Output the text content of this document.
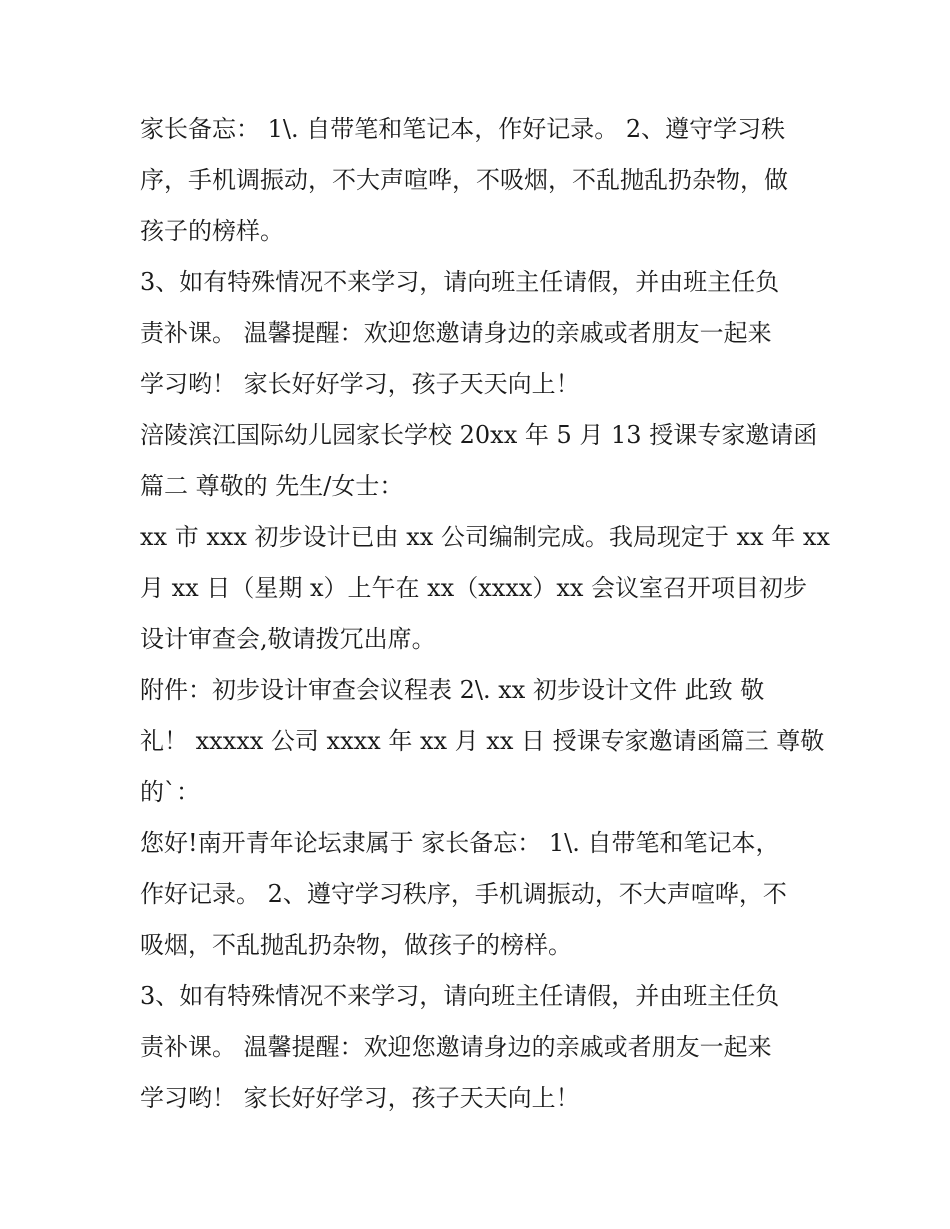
家长备忘： 1\. 自带笔和笔记本，作好记录。 2、遵守学习秩
序，手机调振动，不大声喧哗，不吸烟，不乱抛乱扔杂物，做
孩子的榜样。
3、如有特殊情况不来学习，请向班主任请假，并由班主任负
责补课。 温馨提醒：欢迎您邀请身边的亲戚或者朋友一起来
学习哟！ 家长好好学习，孩子天天向上！
涪陵滨江国际幼儿园家长学校 20xx 年 5 月 13 授课专家邀请函
篇二 尊敬的 先生/女士：
xx 市 xxx 初步设计已由 xx 公司编制完成。我局现定于 xx 年 xx
月 xx 日（星期 x）上午在 xx（xxxx）xx 会议室召开项目初步
设计审查会,敬请拨冗出席。
附件：初步设计审查会议程表 2\. xx 初步设计文件 此致 敬
礼！ xxxxx 公司 xxxx 年 xx 月 xx 日 授课专家邀请函篇三 尊敬
的`：
您好!南开青年论坛隶属于 家长备忘： 1\. 自带笔和笔记本，
作好记录。 2、遵守学习秩序，手机调振动，不大声喧哗，不
吸烟，不乱抛乱扔杂物，做孩子的榜样。
3、如有特殊情况不来学习，请向班主任请假，并由班主任负
责补课。 温馨提醒：欢迎您邀请身边的亲戚或者朋友一起来
学习哟！ 家长好好学习，孩子天天向上！
